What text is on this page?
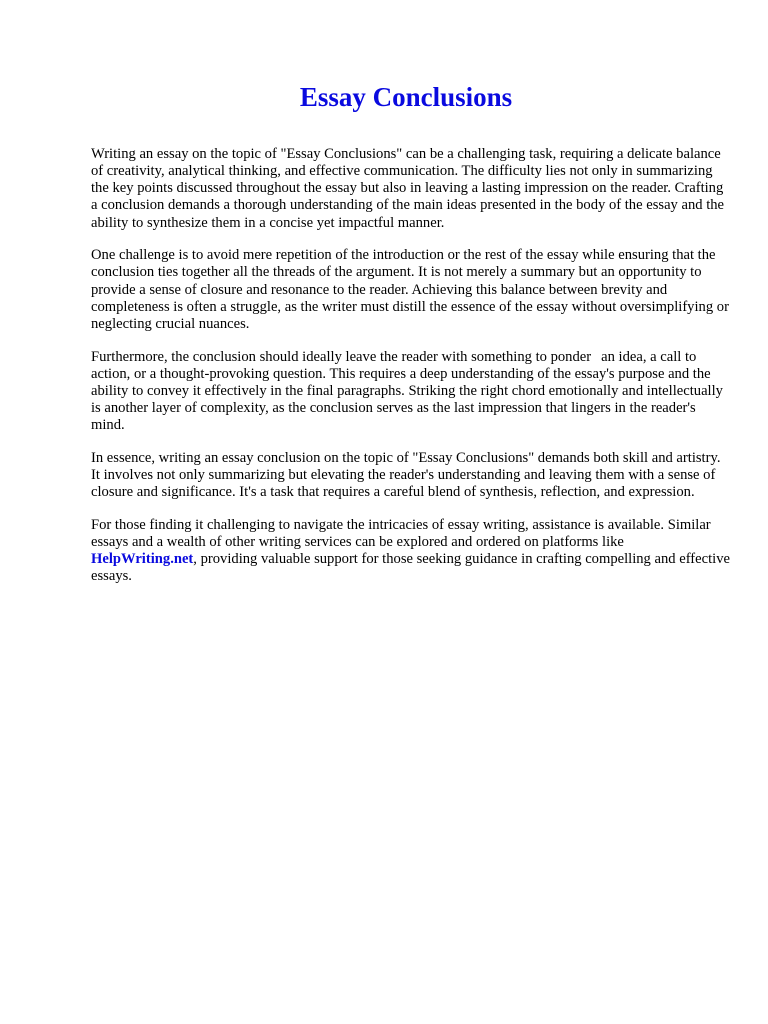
Essay Conclusions

Writing an essay on the topic of "Essay Conclusions" can be a challenging task, requiring a delicate balance of creativity, analytical thinking, and effective communication. The difficulty lies not only in summarizing the key points discussed throughout the essay but also in leaving a lasting impression on the reader. Crafting a conclusion demands a thorough understanding of the main ideas presented in the body of the essay and the ability to synthesize them in a concise yet impactful manner.

One challenge is to avoid mere repetition of the introduction or the rest of the essay while ensuring that the conclusion ties together all the threads of the argument. It is not merely a summary but an opportunity to provide a sense of closure and resonance to the reader. Achieving this balance between brevity and completeness is often a struggle, as the writer must distill the essence of the essay without oversimplifying or neglecting crucial nuances.

Furthermore, the conclusion should ideally leave the reader with something to ponder an idea, a call to action, or a thought-provoking question. This requires a deep understanding of the essay's purpose and the ability to convey it effectively in the final paragraphs. Striking the right chord emotionally and intellectually is another layer of complexity, as the conclusion serves as the last impression that lingers in the reader's mind.

In essence, writing an essay conclusion on the topic of "Essay Conclusions" demands both skill and artistry. It involves not only summarizing but elevating the reader's understanding and leaving them with a sense of closure and significance. It's a task that requires a careful blend of synthesis, reflection, and expression.

For those finding it challenging to navigate the intricacies of essay writing, assistance is available. Similar essays and a wealth of other writing services can be explored and ordered on platforms like HelpWriting.net, providing valuable support for those seeking guidance in crafting compelling and effective essays.
